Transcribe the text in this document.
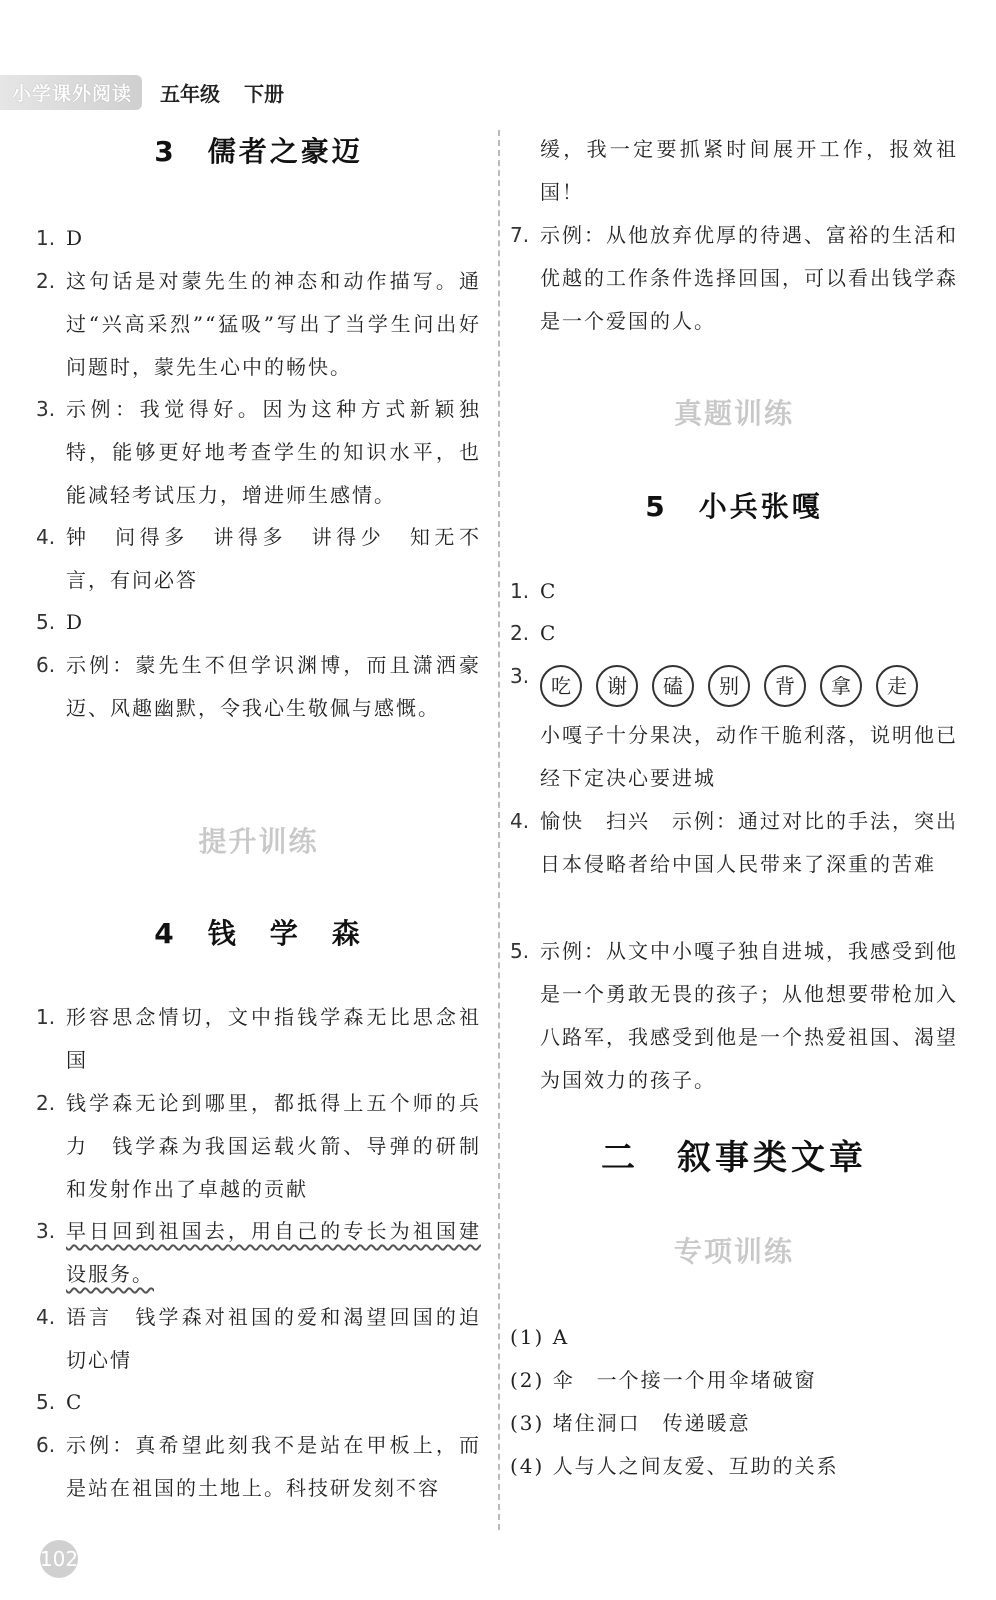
小学课外阅读	五年级 下册
3　儒者之豪迈
1. D
2. 这句话是对蒙先生的神态和动作描写。通过“兴高采烈”“猛吸”写出了当学生问出好问题时，蒙先生心中的畅快。
3. 示例：我觉得好。因为这种方式新颖独特，能够更好地考查学生的知识水平，也能减轻考试压力，增进师生感情。
4. 钟　问得多　讲得多　讲得少　知无不言，有问必答
5. D
6. 示例：蒙先生不但学识渊博，而且潇洒豪迈、风趣幽默，令我心生敬佩与感慨。
提升训练
4　钱　学　森
1. 形容思念情切，文中指钱学森无比思念祖国
2. 钱学森无论到哪里，都抵得上五个师的兵力　钱学森为我国运载火箭、导弹的研制和发射作出了卓越的贡献
3. 早日回到祖国去，用自己的专长为祖国建设服务。
4. 语言　钱学森对祖国的爱和渴望回国的迫切心情
5. C
6. 示例：真希望此刻我不是站在甲板上，而是站在祖国的土地上。科技研发刻不容
缓，我一定要抓紧时间展开工作，报效祖国！
7. 示例：从他放弃优厚的待遇、富裕的生活和优越的工作条件选择回国，可以看出钱学森是一个爱国的人。
真题训练
5　小兵张嘎
1. C
2. C
3.	吃	谢	磕	别	背	拿	走
小嘎子十分果决，动作干脆利落，说明他已经下定决心要进城
4. 愉快　扫兴　示例：通过对比的手法，突出日本侵略者给中国人民带来了深重的苦难
5. 示例：从文中小嘎子独自进城，我感受到他是一个勇敢无畏的孩子；从他想要带枪加入八路军，我感受到他是一个热爱祖国、渴望为国效力的孩子。
二　叙事类文章
专项训练
(1) A
(2) 伞　一个接一个用伞堵破窗
(3) 堵住洞口　传递暖意
(4) 人与人之间友爱、互助的关系
102
